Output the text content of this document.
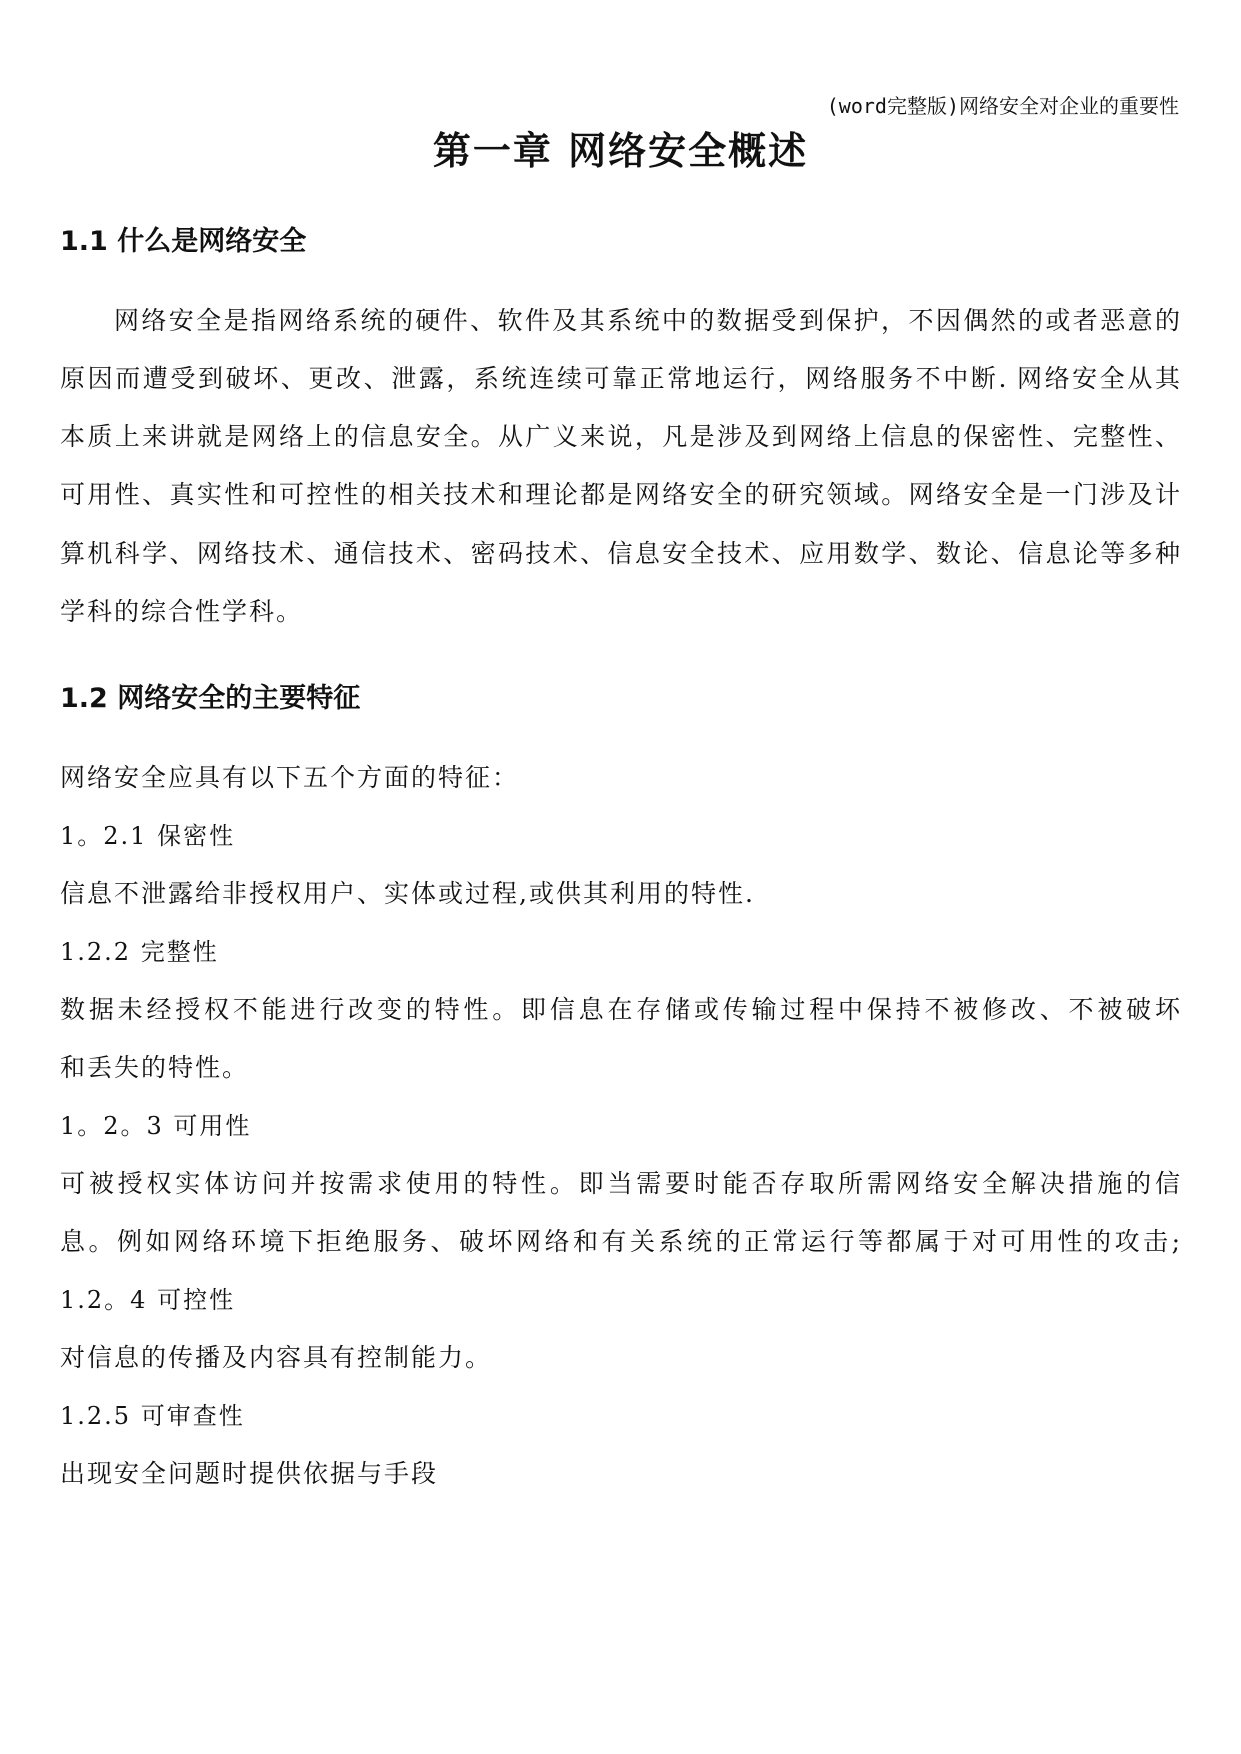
(word完整版)网络安全对企业的重要性
第一章 网络安全概述
1.1 什么是网络安全
网络安全是指网络系统的硬件、软件及其系统中的数据受到保护，不因偶然的或者恶意的
原因而遭受到破坏、更改、泄露，系统连续可靠正常地运行，网络服务不中断. 网络安全从其
本质上来讲就是网络上的信息安全。从广义来说，凡是涉及到网络上信息的保密性、完整性、
可用性、真实性和可控性的相关技术和理论都是网络安全的研究领域。网络安全是一门涉及计
算机科学、网络技术、通信技术、密码技术、信息安全技术、应用数学、数论、信息论等多种
学科的综合性学科。
1.2 网络安全的主要特征
网络安全应具有以下五个方面的特征：
1。2.1 保密性
信息不泄露给非授权用户、实体或过程,或供其利用的特性.
1.2.2 完整性
数据未经授权不能进行改变的特性。即信息在存储或传输过程中保持不被修改、不被破坏
和丢失的特性。
1。2。3 可用性
可被授权实体访问并按需求使用的特性。即当需要时能否存取所需网络安全解决措施的信
息。例如网络环境下拒绝服务、破坏网络和有关系统的正常运行等都属于对可用性的攻击;
1.2。4 可控性
对信息的传播及内容具有控制能力。
1.2.5 可审查性
出现安全问题时提供依据与手段
